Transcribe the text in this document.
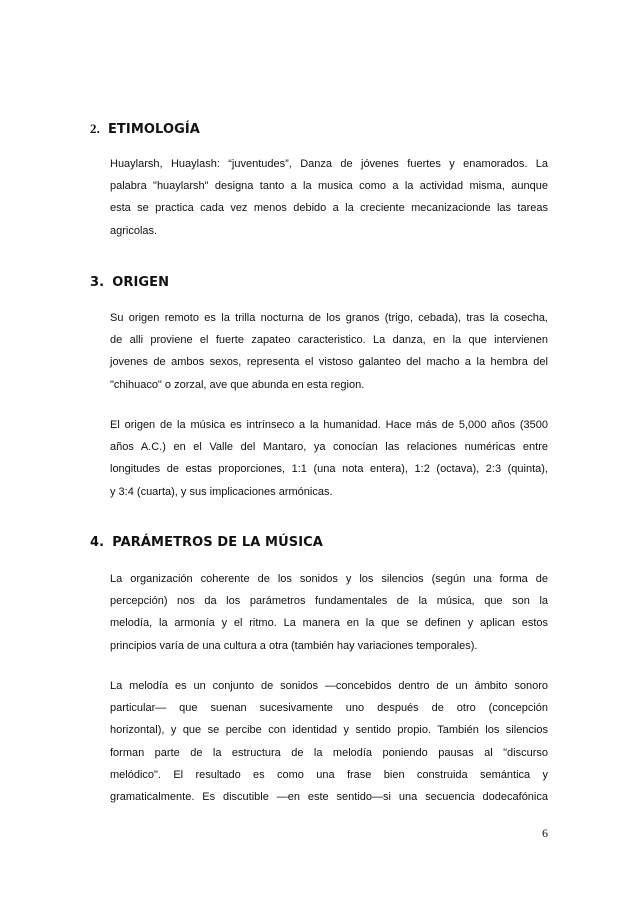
2. ETIMOLOGÍA

Huaylarsh, Huaylash: “juventudes”, Danza de jóvenes fuertes y enamorados. La
palabra "huaylarsh" designa tanto a la musica como a la actividad misma, aunque
esta se practica cada vez menos debido a la creciente mecanizacionde las tareas
agricolas.

3. ORIGEN

Su origen remoto es la trilla nocturna de los granos (trigo, cebada), tras la cosecha,
de alli proviene el fuerte zapateo caracteristico. La danza, en la que intervienen
jovenes de ambos sexos, representa el vistoso galanteo del macho a la hembra del
"chihuaco" o zorzal, ave que abunda en esta region.

El origen de la música es intrínseco a la humanidad. Hace más de 5,000 años (3500
años A.C.) en el Valle del Mantaro, ya conocían las relaciones numéricas entre
longitudes de estas proporciones, 1:1 (una nota entera), 1:2 (octava), 2:3 (quinta),
y 3:4 (cuarta), y sus implicaciones armónicas.

4. PARÁMETROS DE LA MÚSICA

La organización coherente de los sonidos y los silencios (según una forma de
percepción) nos da los parámetros fundamentales de la música, que son la
melodía, la armonía y el ritmo. La manera en la que se definen y aplican estos
principios varía de una cultura a otra (también hay variaciones temporales).

La melodía es un conjunto de sonidos —concebidos dentro de un ámbito sonoro
particular— que suenan sucesivamente uno después de otro (concepción
horizontal), y que se percibe con identidad y sentido propio. También los silencios
forman parte de la estructura de la melodía poniendo pausas al "discurso
melódico". El resultado es como una frase bien construida semántica y
gramaticalmente. Es discutible —en este sentido—si una secuencia dodecafónica

6
